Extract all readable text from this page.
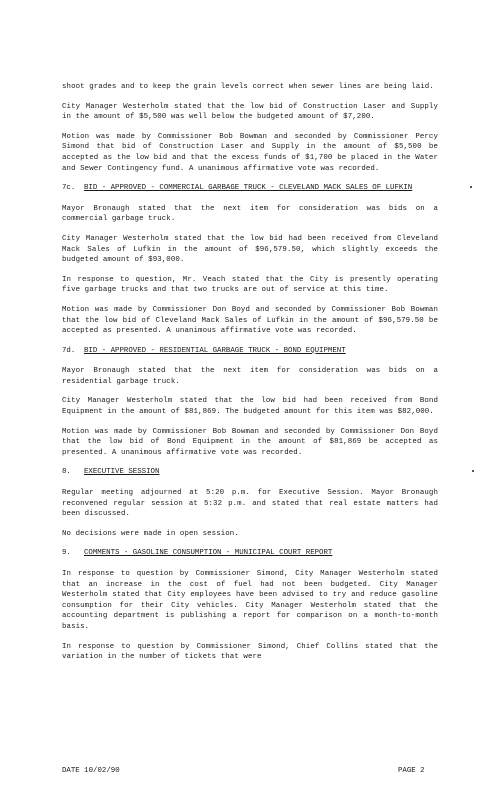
shoot grades and to keep the grain levels correct when sewer lines are being laid.

City Manager Westerholm stated that the low bid of Construction Laser and Supply in the amount of $5,500 was well below the budgeted amount of $7,200.

Motion was made by Commissioner Bob Bowman and seconded by Commissioner Percy Simond that bid of Construction Laser and Supply in the amount of $5,500 be accepted as the low bid and that the excess funds of $1,700 be placed in the Water and Sewer Contingency fund. A unanimous affirmative vote was recorded.

7c. BID - APPROVED - COMMERCIAL GARBAGE TRUCK - CLEVELAND MACK SALES OF LUFKIN

Mayor Bronaugh stated that the next item for consideration was bids on a commercial garbage truck.

City Manager Westerholm stated that the low bid had been received from Cleveland Mack Sales of Lufkin in the amount of $96,579.50, which slightly exceeds the budgeted amount of $93,000.

In response to question, Mr. Veach stated that the City is presently operating five garbage trucks and that two trucks are out of service at this time.

Motion was made by Commissioner Don Boyd and seconded by Commissioner Bob Bowman that the low bid of Cleveland Mack Sales of Lufkin in the amount of $96,579.50 be accepted as presented. A unanimous affirmative vote was recorded.

7d. BID - APPROVED - RESIDENTIAL GARBAGE TRUCK - BOND EQUIPMENT

Mayor Bronaugh stated that the next item for consideration was bids on a residential garbage truck.

City Manager Westerholm stated that the low bid had been received from Bond Equipment in the amount of $81,869. The budgeted amount for this item was $82,000.

Motion was made by Commissioner Bob Bowman and seconded by Commissioner Don Boyd that the low bid of Bond Equipment in the amount of $81,869 be accepted as presented. A unanimous affirmative vote was recorded.

8. EXECUTIVE SESSION

Regular meeting adjourned at 5:20 p.m. for Executive Session. Mayor Bronaugh reconvened regular session at 5:32 p.m. and stated that real estate matters had been discussed.

No decisions were made in open session.

9. COMMENTS - GASOLINE CONSUMPTION - MUNICIPAL COURT REPORT

In response to question by Commissioner Simond, City Manager Westerholm stated that an increase in the cost of fuel had not been budgeted. City Manager Westerholm stated that City employees have been advised to try and reduce gasoline consumption for their City vehicles. City Manager Westerholm stated that the accounting department is publishing a report for comparison on a month-to-month basis.

In response to question by Commissioner Simond, Chief Collins stated that the variation in the number of tickets that were

DATE 10/02/90	PAGE 2
